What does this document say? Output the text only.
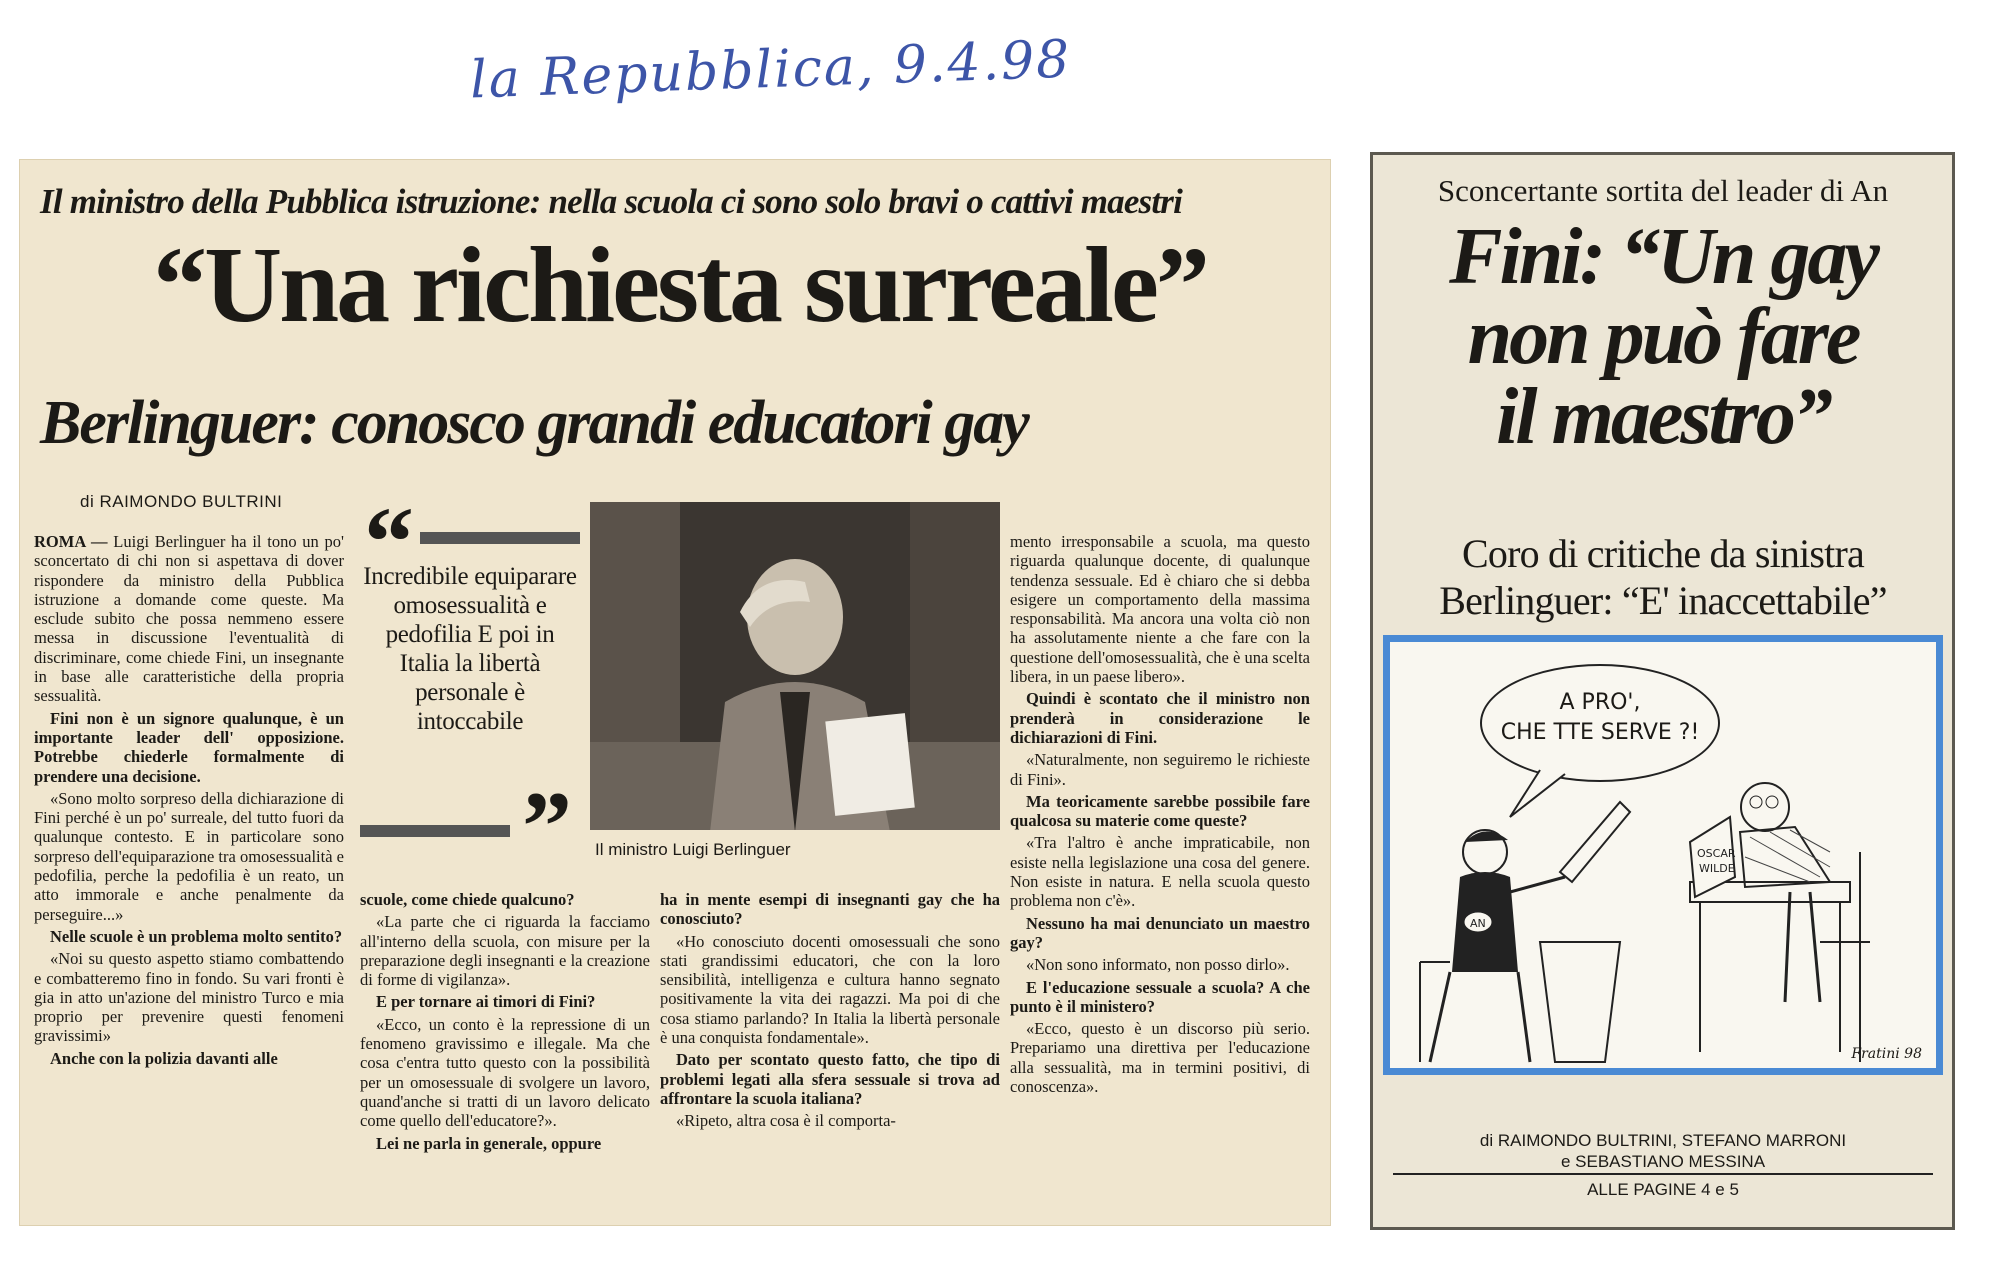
la Repubblica, 9.4.98
Il ministro della Pubblica istruzione: nella scuola ci sono solo bravi o cattivi maestri
“Una richiesta surreale”
Berlinguer: conosco grandi educatori gay
di RAIMONDO BULTRINI

ROMA — Luigi Berlinguer ha il tono un po' sconcertato di chi non si aspettava di dover rispondere da ministro della Pubblica istruzione a domande come queste. Ma esclude subito che possa nemmeno essere messa in discussione l'eventualità di discriminare, come chiede Fini, un insegnante in base alle caratteristiche della propria sessualità.

Fini non è un signore qualunque, è un importante leader dell' opposizione. Potrebbe chiederle formalmente di prendere una decisione.

«Sono molto sorpreso della dichiarazione di Fini perché è un po' surreale, del tutto fuori da qualunque contesto. E in particolare sono sorpreso dell'equiparazione tra omosessualità e pedofilia, perche la pedofilia è un reato, un atto immorale e anche penalmente da perseguire...»

Nelle scuole è un problema molto sentito?

«Noi su questo aspetto stiamo combattendo e combatteremo fino in fondo. Su vari fronti è gia in atto un'azione del ministro Turco e mia proprio per prevenire questi fenomeni gravissimi»

Anche con la polizia davanti alle

“
Incredibile equiparare omosessualità e pedofilia E poi in Italia la libertà personale è intoccabile
” Il ministro Luigi Berlinguer

scuole, come chiede qualcuno?

«La parte che ci riguarda la facciamo all'interno della scuola, con misure per la preparazione degli insegnanti e la creazione di forme di vigilanza».

E per tornare ai timori di Fini?

«Ecco, un conto è la repressione di un fenomeno gravissimo e illegale. Ma che cosa c'entra tutto questo con la possibilità per un omosessuale di svolgere un lavoro, quand'anche si tratti di un lavoro delicato come quello dell'educatore?».

Lei ne parla in generale, oppure

ha in mente esempi di insegnanti gay che ha conosciuto?

«Ho conosciuto docenti omosessuali che sono stati grandissimi educatori, che con la loro sensibilità, intelligenza e cultura hanno segnato positivamente la vita dei ragazzi. Ma poi di che cosa stiamo parlando? In Italia la libertà personale è una conquista fondamentale».

Dato per scontato questo fatto, che tipo di problemi legati alla sfera sessuale si trova ad affrontare la scuola italiana?

«Ripeto, altra cosa è il comporta-

mento irresponsabile a scuola, ma questo riguarda qualunque docente, di qualunque tendenza sessuale. Ed è chiaro che si debba esigere un comportamento della massima responsabilità. Ma ancora una volta ciò non ha assolutamente niente a che fare con la questione dell'omosessualità, che è una scelta libera, in un paese libero».

Quindi è scontato che il ministro non prenderà in considerazione le dichiarazioni di Fini.

«Naturalmente, non seguiremo le richieste di Fini».

Ma teoricamente sarebbe possibile fare qualcosa su materie come queste?

«Tra l'altro è anche impraticabile, non esiste nella legislazione una cosa del genere. Non esiste in natura. E nella scuola questo problema non c'è».

Nessuno ha mai denunciato un maestro gay?

«Non sono informato, non posso dirlo».

E l'educazione sessuale a scuola? A che punto è il ministero?

«Ecco, questo è un discorso più serio. Prepariamo una direttiva per l'educazione alla sessualità, ma in termini positivi, di conoscenza».

Sconcertante sortita del leader di An
Fini: “Un gay
non può fare
il maestro”
Coro di critiche da sinistra
Berlinguer: “E' inaccettabile”
A PRO',
CHE TTE SERVE ?!
AN
OSCAR
WILDE
Fratini 98
di RAIMONDO BULTRINI, STEFANO MARRONI
e SEBASTIANO MESSINA
ALLE PAGINE 4 e 5
